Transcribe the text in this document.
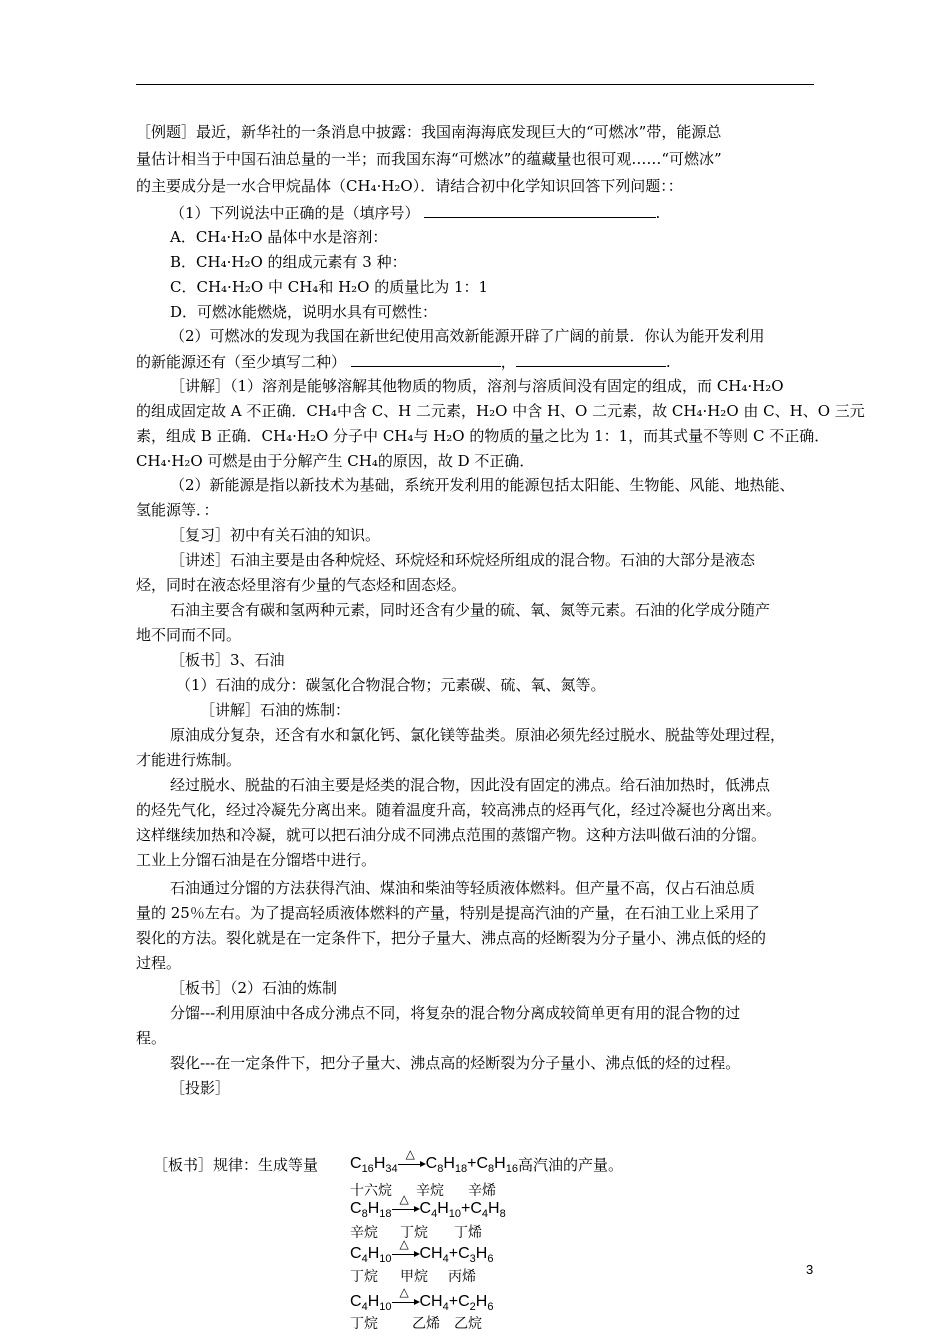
［例题］最近，新华社的一条消息中披露：我国南海海底发现巨大的“可燃冰”带，能源总
量估计相当于中国石油总量的一半；而我国东海“可燃冰”的蕴藏量也很可观……“可燃冰”
的主要成分是一水合甲烷晶体（CH₄·H₂O）．请结合初中化学知识回答下列问题：：
（1）下列说法中正确的是（填序号）	.
A．CH₄·H₂O 晶体中水是溶剂：
B．CH₄·H₂O 的组成元素有 3 种：
C．CH₄·H₂O 中 CH₄和 H₂O 的质量比为 1：1
D．可燃冰能燃烧，说明水具有可燃性：
（2）可燃冰的发现为我国在新世纪使用高效新能源开辟了广阔的前景．你认为能开发利用
的新能源还有（至少填写二种）	，	.
［讲解］（1）溶剂是能够溶解其他物质的物质，溶剂与溶质间没有固定的组成，而 CH₄·H₂O
的组成固定故 A 不正确．CH₄中含 C、H 二元素，H₂O 中含 H、O 二元素，故 CH₄·H₂O 由 C、H、O 三元
素，组成 B 正确．CH₄·H₂O 分子中 CH₄与 H₂O 的物质的量之比为 1：1，而其式量不等则 C 不正确．
CH₄·H₂O 可燃是由于分解产生 CH₄的原因，故 D 不正确．
（2）新能源是指以新技术为基础，系统开发利用的能源包括太阳能、生物能、风能、地热能、
氢能源等．：
［复习］初中有关石油的知识。
［讲述］石油主要是由各种烷烃、环烷烃和环烷烃所组成的混合物。石油的大部分是液态
烃，同时在液态烃里溶有少量的气态烃和固态烃。
石油主要含有碳和氢两种元素，同时还含有少量的硫、氧、氮等元素。石油的化学成分随产
地不同而不同。
［板书］3、石油
（1）石油的成分：碳氢化合物混合物；元素碳、硫、氧、氮等。
［讲解］石油的炼制：
原油成分复杂，还含有水和氯化钙、氯化镁等盐类。原油必须先经过脱水、脱盐等处理过程，
才能进行炼制。
经过脱水、脱盐的石油主要是烃类的混合物，因此没有固定的沸点。给石油加热时，低沸点
的烃先气化，经过冷凝先分离出来。随着温度升高，较高沸点的烃再气化，经过冷凝也分离出来。
这样继续加热和冷凝，就可以把石油分成不同沸点范围的蒸馏产物。这种方法叫做石油的分馏。
工业上分馏石油是在分馏塔中进行。
石油通过分馏的方法获得汽油、煤油和柴油等轻质液体燃料。但产量不高，仅占石油总质
量的 25％左右。为了提高轻质液体燃料的产量，特别是提高汽油的产量，在石油工业上采用了
裂化的方法。裂化就是在一定条件下，把分子量大、沸点高的烃断裂为分子量小、沸点低的烃的
过程。
［板书］（2）石油的炼制
分馏---利用原油中各成分沸点不同，将复杂的混合物分离成较简单更有用的混合物的过
程。
裂化---在一定条件下，把分子量大、沸点高的烃断裂为分子量小、沸点低的烃的过程。
［投影］
［板书］规律：生成等量 $C_{16}H_{34}$
△
$C_8H_{18}+C_8H_{16}$ 高汽油的产量。
十六烷 辛烷 辛烯
$C_8H_{18}$
△
$C_4H_{10}+C_4H_8$
辛烷 丁烷 丁烯
$C_4H_{10}$
△
$CH_4+C_3H_6$
丁烷 甲烷 丙烯
$C_4H_{10}$
△
$CH_4+C_2H_6$
丁烷 乙烯 乙烷
3
